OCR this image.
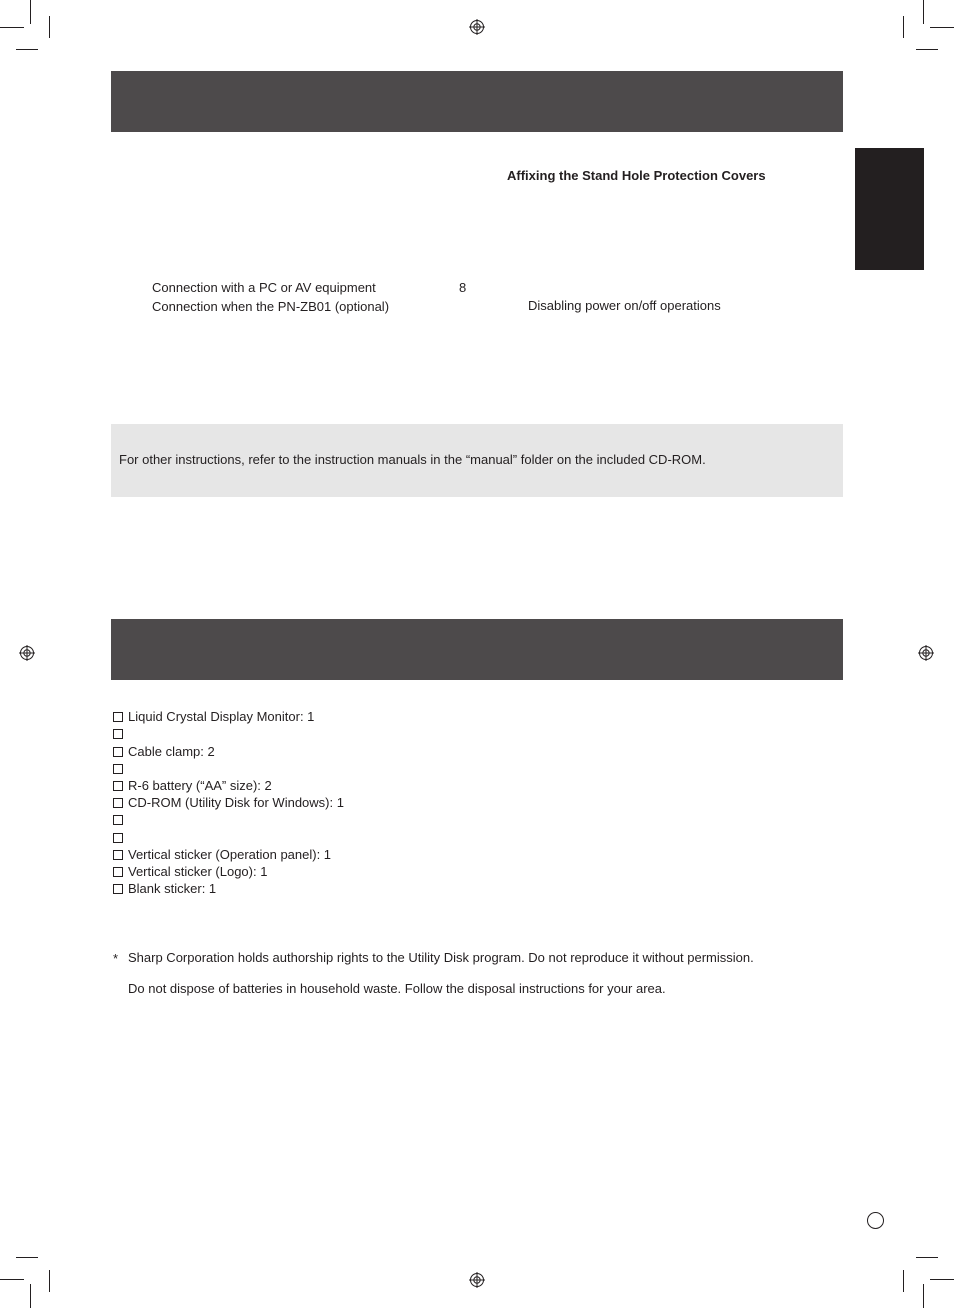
Affixing the Stand Hole Protection Covers
Connection with a PC or AV equipment	8
Connection when the PN-ZB01 (optional)	Disabling power on/off operations
For other instructions, refer to the instruction manuals in the “manual” folder on the included CD-ROM.
Liquid Crystal Display Monitor: 1
Cable clamp: 2
R-6 battery (“AA” size): 2
CD-ROM (Utility Disk for Windows): 1
Vertical sticker (Operation panel): 1
Vertical sticker (Logo): 1
Blank sticker: 1
* Sharp Corporation holds authorship rights to the Utility Disk program. Do not reproduce it without permission.
Do not dispose of batteries in household waste. Follow the disposal instructions for your area.
